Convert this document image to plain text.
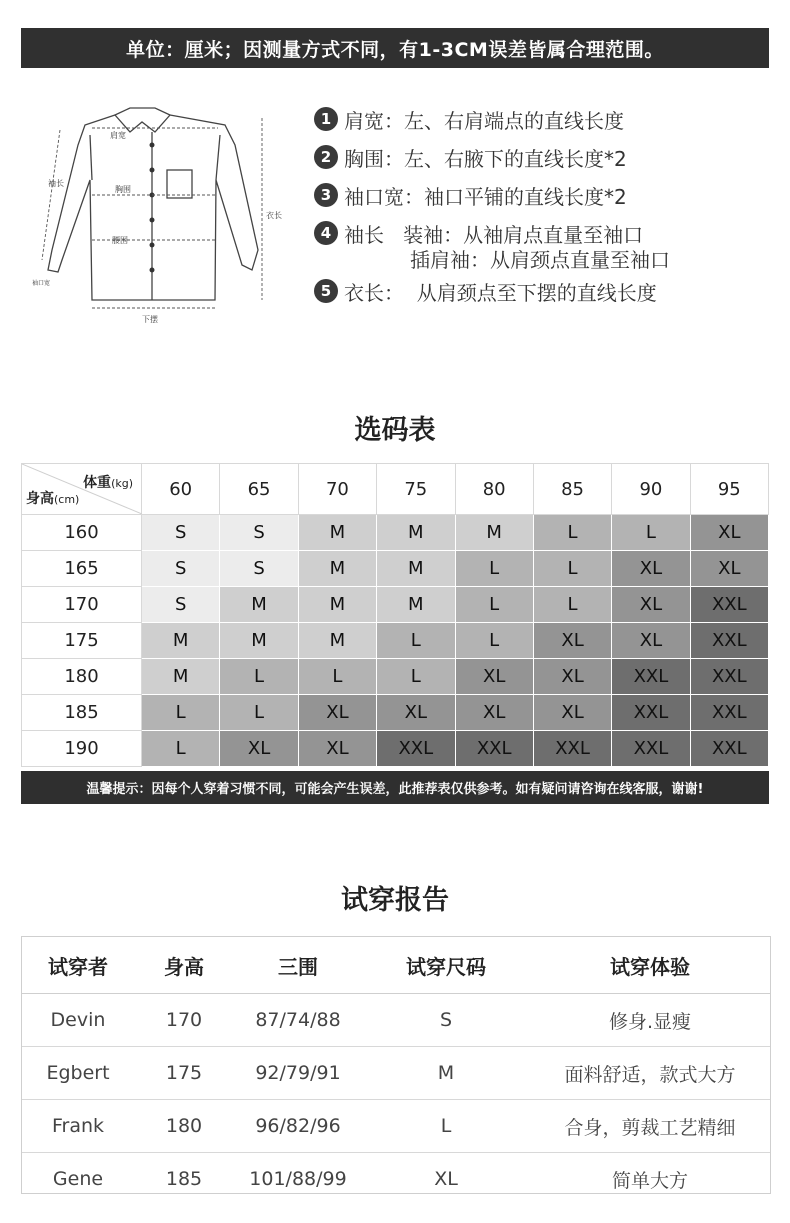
单位：厘米；因测量方式不同，有1-3CM误差皆属合理范围。
肩宽
袖长
胸围
衣长
腰围
袖口宽
下摆
1 肩宽：左、右肩端点的直线长度
2 胸围：左、右腋下的直线长度*2
3 袖口宽：袖口平铺的直线长度*2
4 袖长   装袖：从袖肩点直量至袖口
插肩袖：从肩颈点直量至袖口
5 衣长：  从肩颈点至下摆的直线长度
选码表
体重(kg)
身高(cm)	60	65	70	75	80	85	90	95
160	S	S	M	M	M	L	L	XL
165	S	S	M	M	L	L	XL	XL
170	S	M	M	M	L	L	XL	XXL
175	M	M	M	L	L	XL	XL	XXL
180	M	L	L	L	XL	XL	XXL	XXL
185	L	L	XL	XL	XL	XL	XXL	XXL
190	L	XL	XL	XXL	XXL	XXL	XXL	XXL
温馨提示：因每个人穿着习惯不同，可能会产生误差，此推荐表仅供参考。如有疑问请咨询在线客服，谢谢!
试穿报告
试穿者	身高	三围	试穿尺码	试穿体验
Devin	170	87/74/88	S	修身.显瘦
Egbert	175	92/79/91	M	面料舒适，款式大方
Frank	180	96/82/96	L	合身，剪裁工艺精细
Gene	185	101/88/99	XL	简单大方
